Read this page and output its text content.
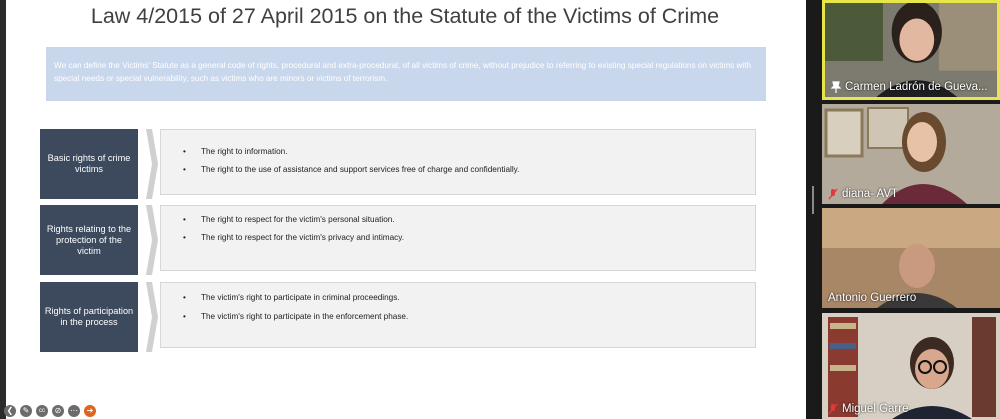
Law 4/2015 of 27 April 2015 on the Statute of the Victims of Crime
We can define the Victims' Statute as a general code of rights, procedural and extra-procedural, of all victims of crime, without prejudice to referring to existing special regulations on victims with special needs or special vulnerability, such as victims who are minors or victims of terrorism.
Basic rights of crime victims
•	The right to information.
•	The right to the use of assistance and support services free of charge and confidentially.
Rights relating to the protection of the victim
•	The right to respect for the victim's personal situation.
•	The right to respect for the victim's privacy and intimacy.
Rights of participation in the process
•	The victim's right to participate in criminal proceedings.
•	The victim's right to participate in the enforcement phase.
❮	✎	cc	⊘	⋯	➔
Carmen Ladrón de Gueva...
diana- AVT
Antonio Guerrero
Miguel Garre
